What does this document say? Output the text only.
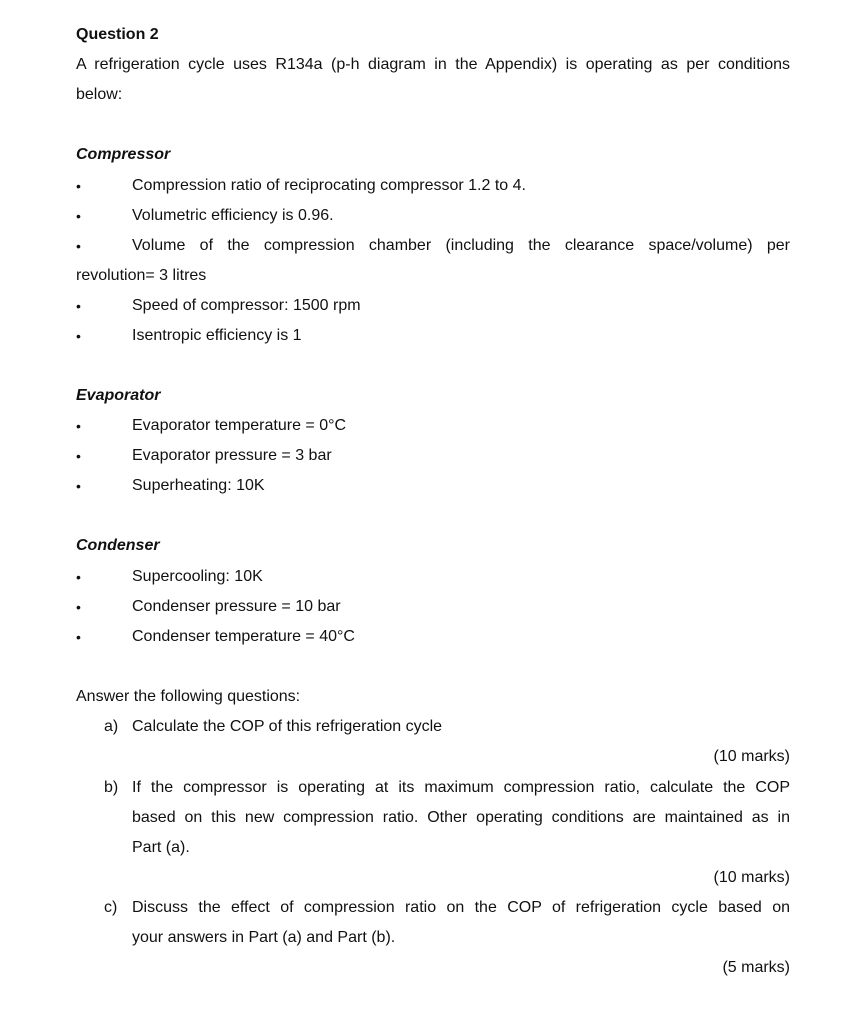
Question 2
A refrigeration cycle uses R134a (p-h diagram in the Appendix) is operating as per conditions
below:
Compressor
•	Compression ratio of reciprocating compressor 1.2 to 4.
•	Volumetric efficiency is 0.96.
•	Volume of the compression chamber (including the clearance space/volume) per
revolution= 3 litres
•	Speed of compressor: 1500 rpm
•	Isentropic efficiency is 1
Evaporator
•	Evaporator temperature = 0°C
•	Evaporator pressure = 3 bar
•	Superheating: 10K
Condenser
•	Supercooling: 10K
•	Condenser pressure = 10 bar
•	Condenser temperature = 40°C
Answer the following questions:
a) Calculate the COP of this refrigeration cycle
(10 marks)
b) If the compressor is operating at its maximum compression ratio, calculate the COP
based on this new compression ratio. Other operating conditions are maintained as in
Part (a).
(10 marks)
c) Discuss the effect of compression ratio on the COP of refrigeration cycle based on
your answers in Part (a) and Part (b).
(5 marks)
